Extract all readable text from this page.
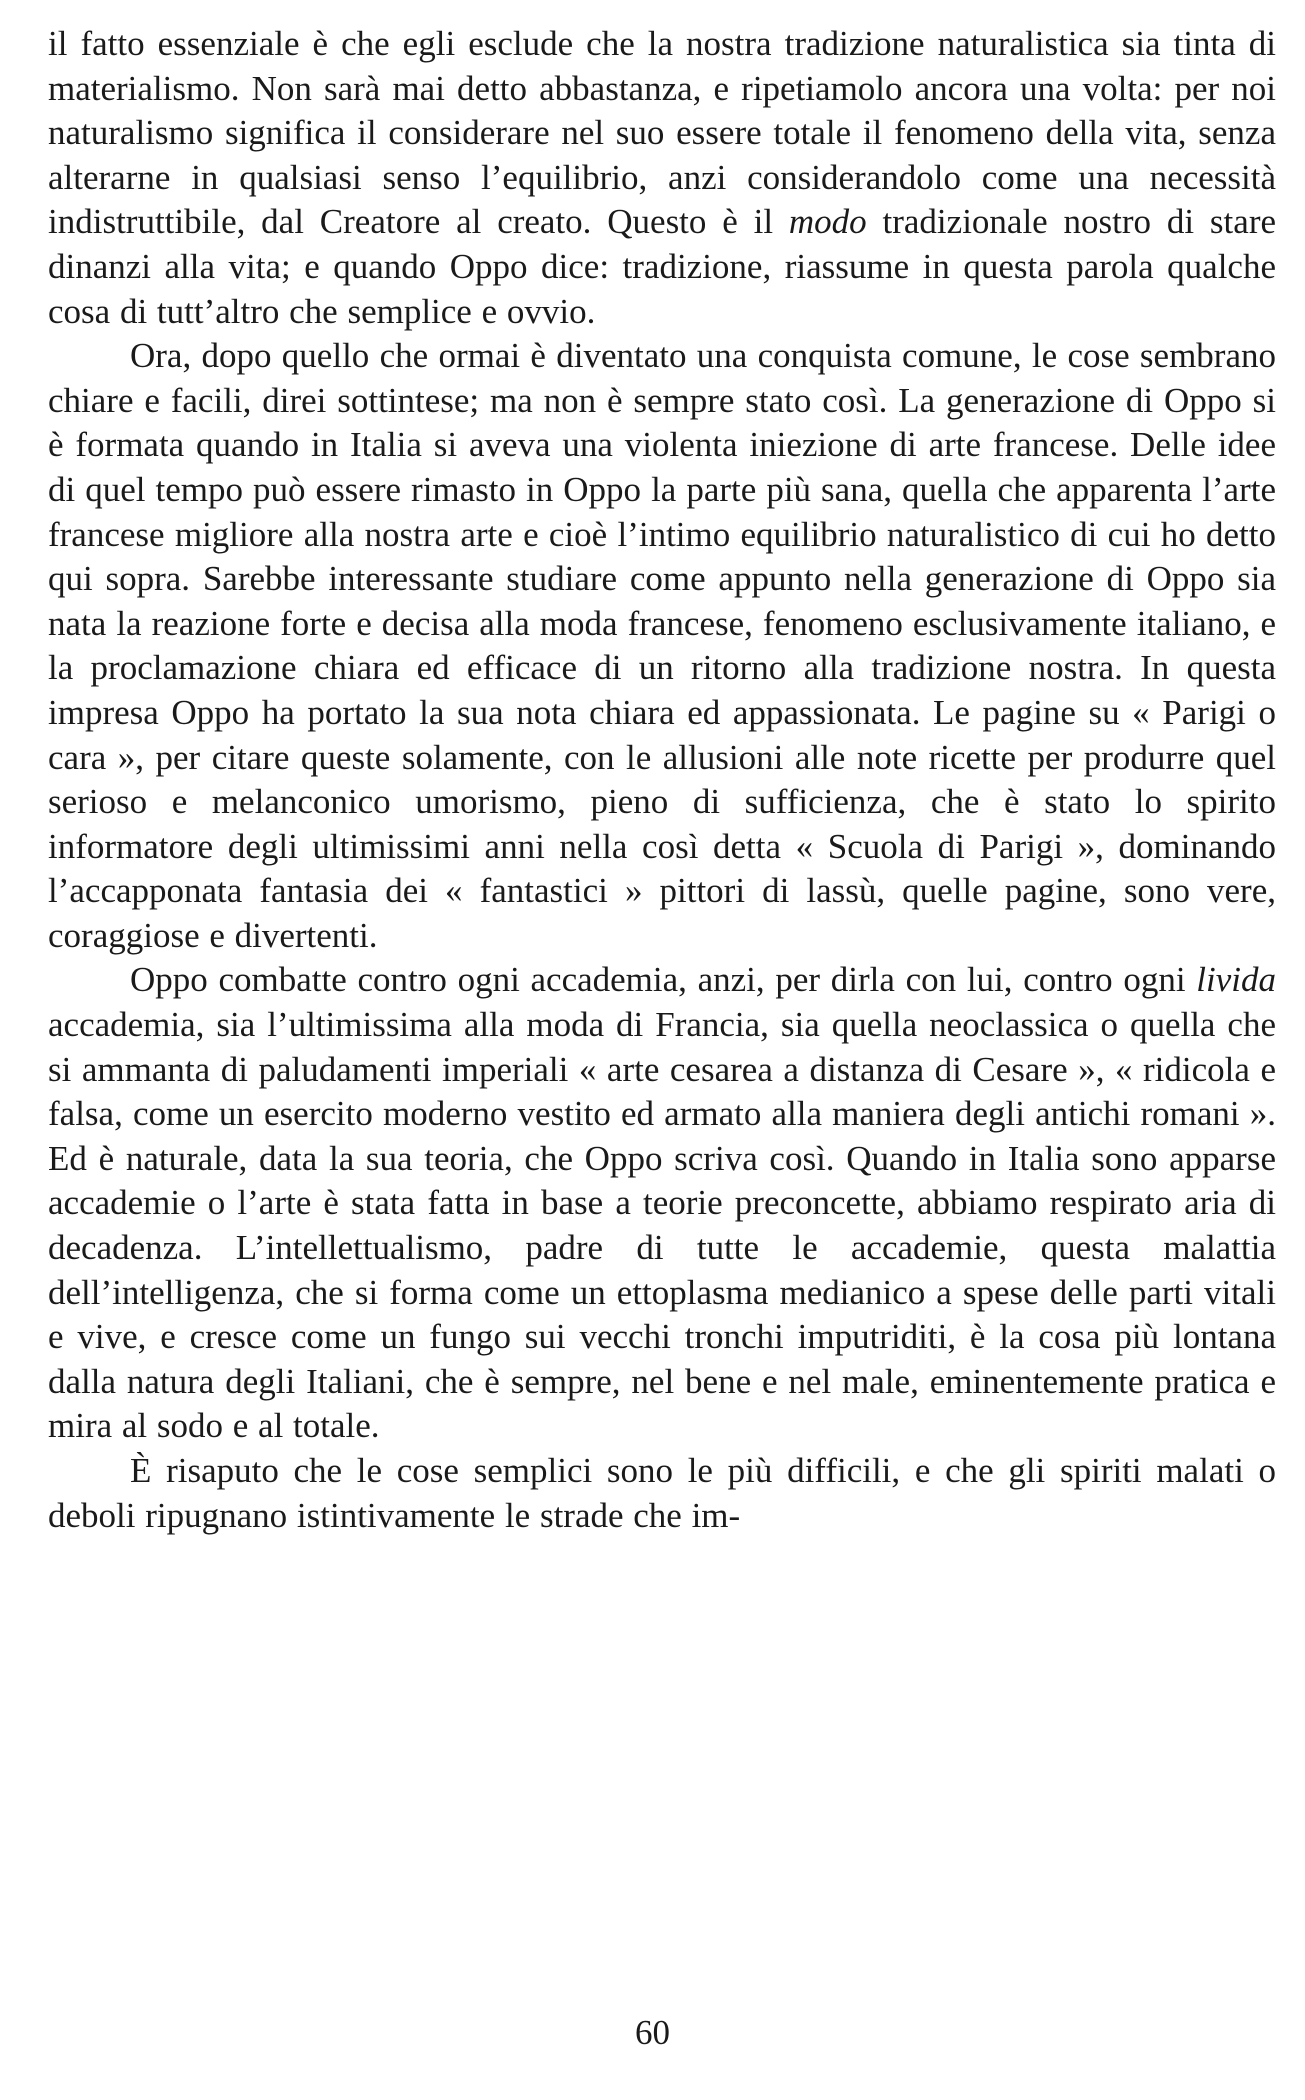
il fatto essenziale è che egli esclude che la nostra tradizione naturalistica sia tinta di materialismo. Non sarà mai detto abbastanza, e ripetiamolo ancora una volta: per noi naturalismo significa il considerare nel suo essere totale il fenomeno della vita, senza alterarne in qualsiasi senso l’equilibrio, anzi considerandolo come una necessità indistruttibile, dal Creatore al creato. Questo è il modo tradizionale nostro di stare dinanzi alla vita; e quando Oppo dice: tradizione, riassume in questa parola qualche cosa di tutt’altro che semplice e ovvio.

Ora, dopo quello che ormai è diventato una conquista comune, le cose sembrano chiare e facili, direi sottintese; ma non è sempre stato così. La generazione di Oppo si è formata quando in Italia si aveva una violenta iniezione di arte francese. Delle idee di quel tempo può essere rimasto in Oppo la parte più sana, quella che apparenta l’arte francese migliore alla nostra arte e cioè l’intimo equilibrio naturalistico di cui ho detto qui sopra. Sarebbe interessante studiare come appunto nella generazione di Oppo sia nata la reazione forte e decisa alla moda francese, fenomeno esclusivamente italiano, e la proclamazione chiara ed efficace di un ritorno alla tradizione nostra. In questa impresa Oppo ha portato la sua nota chiara ed appassionata. Le pagine su « Parigi o cara », per citare queste solamente, con le allusioni alle note ricette per produrre quel serioso e melanconico umorismo, pieno di sufficienza, che è stato lo spirito informatore degli ultimissimi anni nella così detta « Scuola di Parigi », dominando l’accapponata fantasia dei « fantastici » pittori di lassù, quelle pagine, sono vere, coraggiose e divertenti.

Oppo combatte contro ogni accademia, anzi, per dirla con lui, contro ogni livida accademia, sia l’ultimissima alla moda di Francia, sia quella neoclassica o quella che si ammanta di paludamenti imperiali « arte cesarea a distanza di Cesare », « ridicola e falsa, come un esercito moderno vestito ed armato alla maniera degli antichi romani ». Ed è naturale, data la sua teoria, che Oppo scriva così. Quando in Italia sono apparse accademie o l’arte è stata fatta in base a teorie preconcette, abbiamo respirato aria di decadenza. L’intellettualismo, padre di tutte le accademie, questa malattia dell’intelligenza, che si forma come un ettoplasma medianico a spese delle parti vitali e vive, e cresce come un fungo sui vecchi tronchi imputriditi, è la cosa più lontana dalla natura degli Italiani, che è sempre, nel bene e nel male, eminentemente pratica e mira al sodo e al totale.

È risaputo che le cose semplici sono le più difficili, e che gli spiriti malati o deboli ripugnano istintivamente le strade che im-

60
